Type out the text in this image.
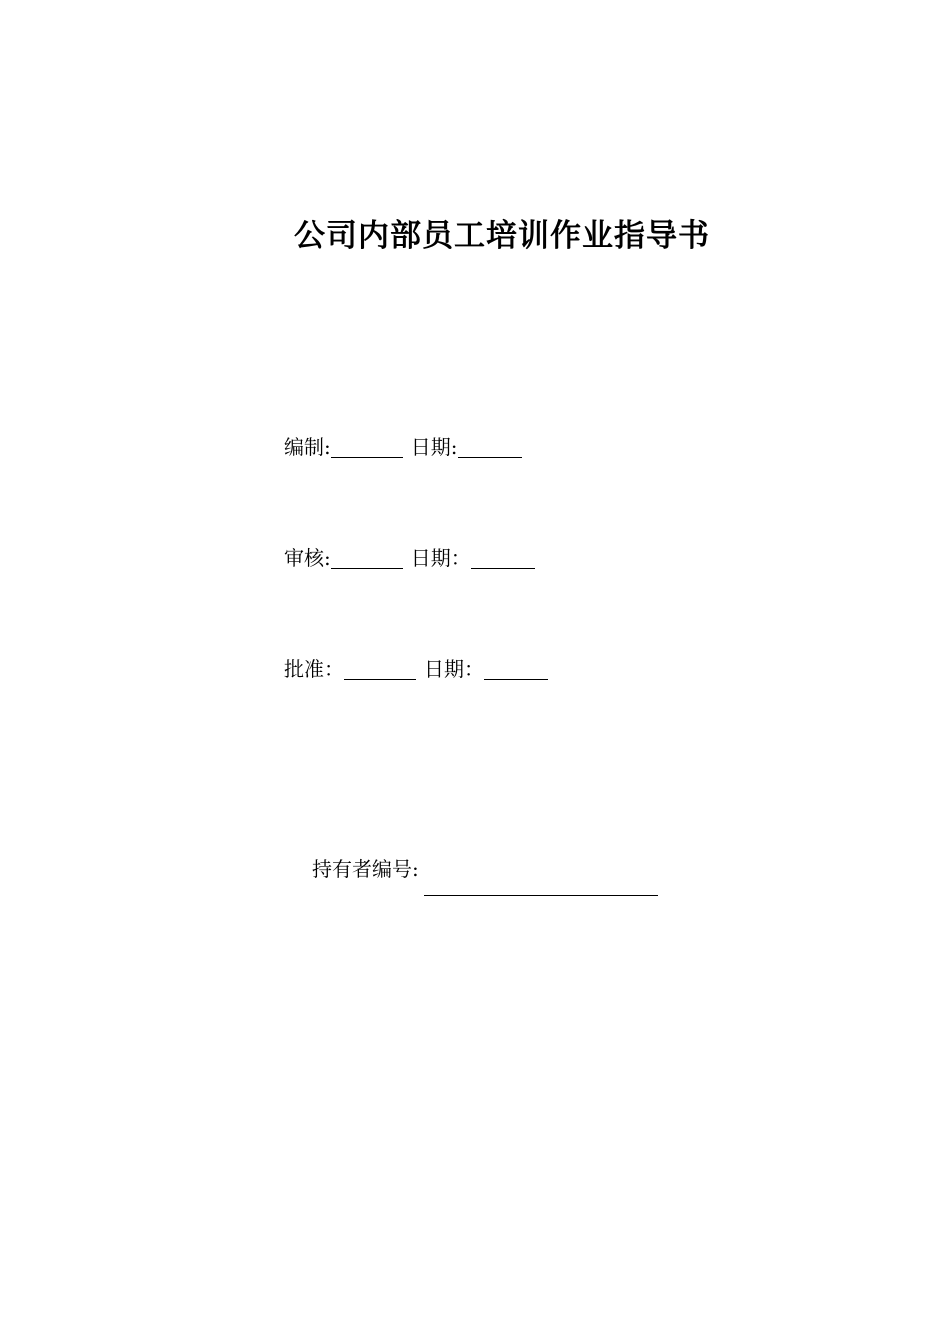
公司内部员工培训作业指导书
编制:	日期:
审核:	日期：
批准：	日期：
持有者编号:
